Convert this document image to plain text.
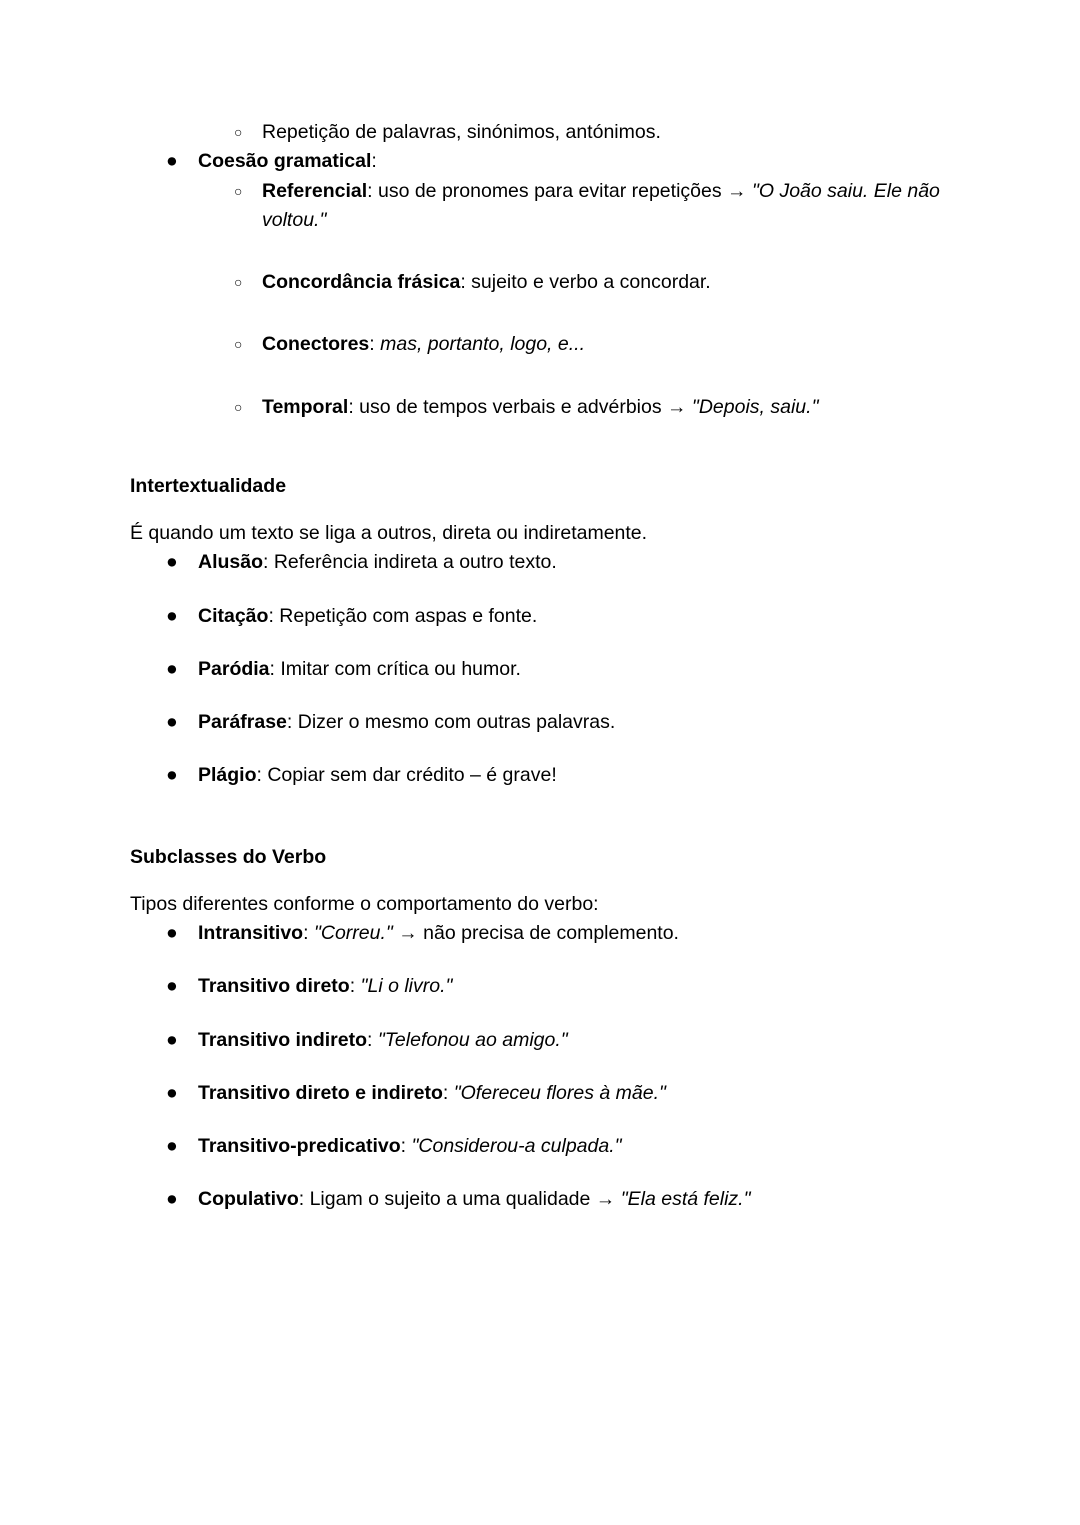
○ Repetição de palavras, sinónimos, antónimos.
● Coesão gramatical:
○ Referencial: uso de pronomes para evitar repetições → "O João saiu. Ele não voltou."
○ Concordância frásica: sujeito e verbo a concordar.
○ Conectores: mas, portanto, logo, e...
○ Temporal: uso de tempos verbais e advérbios → "Depois, saiu."
Intertextualidade
É quando um texto se liga a outros, direta ou indiretamente.
● Alusão: Referência indireta a outro texto.
● Citação: Repetição com aspas e fonte.
● Paródia: Imitar com crítica ou humor.
● Paráfrase: Dizer o mesmo com outras palavras.
● Plágio: Copiar sem dar crédito – é grave!
Subclasses do Verbo
Tipos diferentes conforme o comportamento do verbo:
● Intransitivo: "Correu." → não precisa de complemento.
● Transitivo direto: "Li o livro."
● Transitivo indireto: "Telefonou ao amigo."
● Transitivo direto e indireto: "Ofereceu flores à mãe."
● Transitivo-predicativo: "Considerou-a culpada."
● Copulativo: Ligam o sujeito a uma qualidade → "Ela está feliz."
